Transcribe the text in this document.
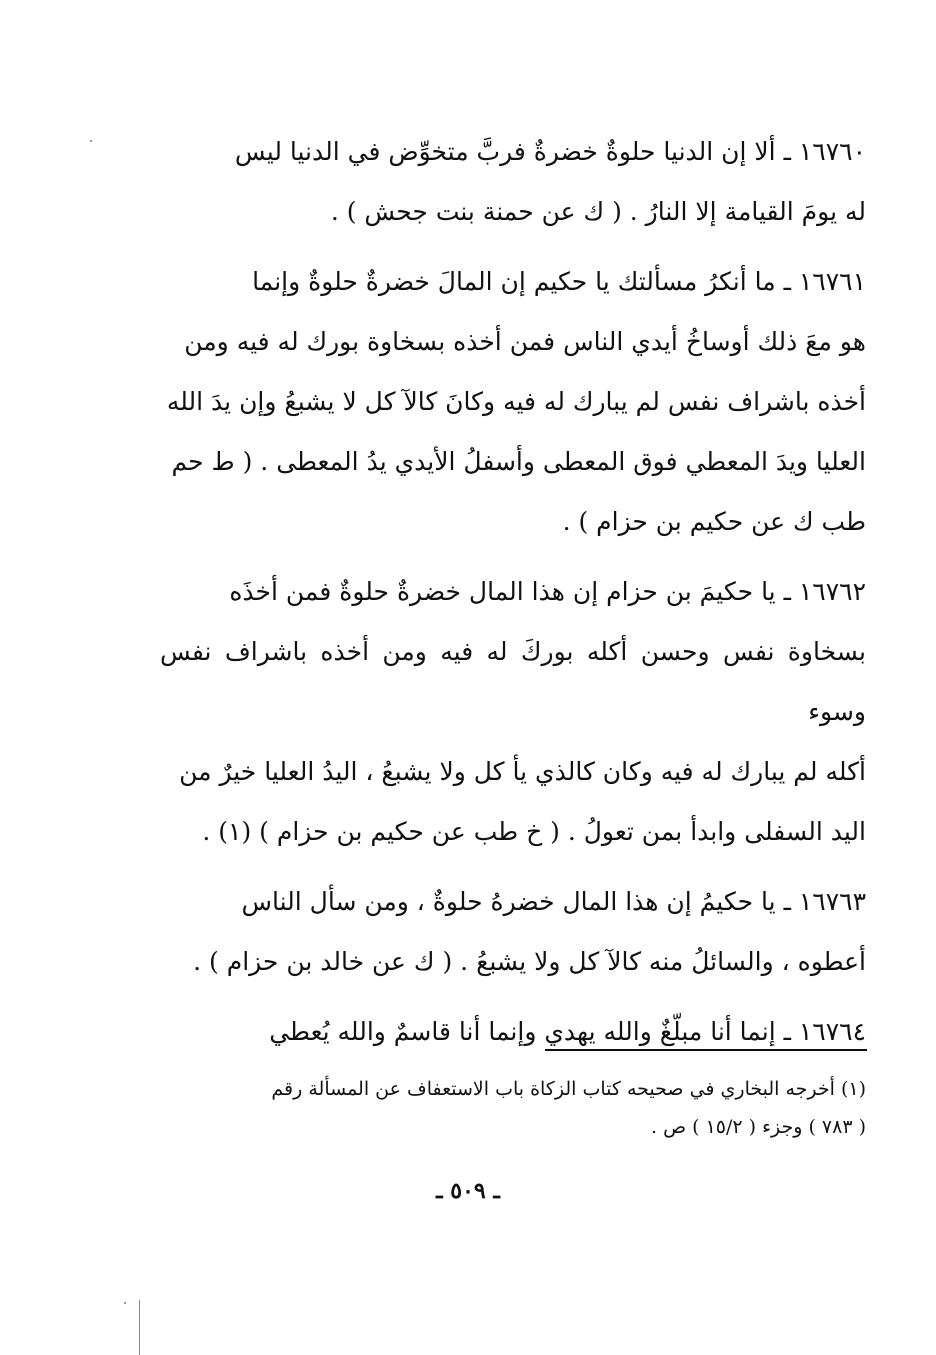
١٦٧٦٠ ـ ألا إن الدنيا حلوةٌ خضرةٌ فربَّ متخوِّض في الدنيا ليس
له يومَ القيامة إلا النارُ . ( ك عن حمنة بنت جحش ) .
١٦٧٦١ ـ ما أنكرُ مسألتك يا حكيم إن المالَ خضرةٌ حلوةٌ وإنما
هو معَ ذلك أوساخُ أيدي الناس فمن أخذه بسخاوة بورك له فيه ومن
أخذه باشراف نفس لم يبارك له فيه وكانَ كالآ كل لا يشبعُ وإن يدَ الله
العليا ويدَ المعطي فوق المعطى وأسفلُ الأيدي يدُ المعطى . ( ط حم
طب ك عن حكيم بن حزام ) .
١٦٧٦٢ ـ يا حكيمَ بن حزام إن هذا المال خضرةٌ حلوةٌ فمن أخذَه
بسخاوة نفس وحسن أكله بوركَ له فيه ومن أخذه باشراف نفس وسوء
أكله لم يبارك له فيه وكان كالذي يأ كل ولا يشبعُ ، اليدُ العليا خيرٌ من
اليد السفلى وابدأ بمن تعولُ . ( خ طب عن حكيم بن حزام ) (١) .
١٦٧٦٣ ـ يا حكيمُ إن هذا المال خضرهُ حلوةٌ ، ومن سأل الناس
أعطوه ، والسائلُ منه كالآ كل ولا يشبعُ . ( ك عن خالد بن حزام ) .
١٦٧٦٤ ـ إنما أنا مبلّغٌ والله يهدي وإنما أنا قاسمٌ والله يُعطي

(١) أخرجه البخاري في صحيحه كتاب الزكاة باب الاستعفاف عن المسألة رقم

( ٧٨٣ ) وجزء ( ١٥/٢ ) ص .

ـ ٥٠٩ ـ
